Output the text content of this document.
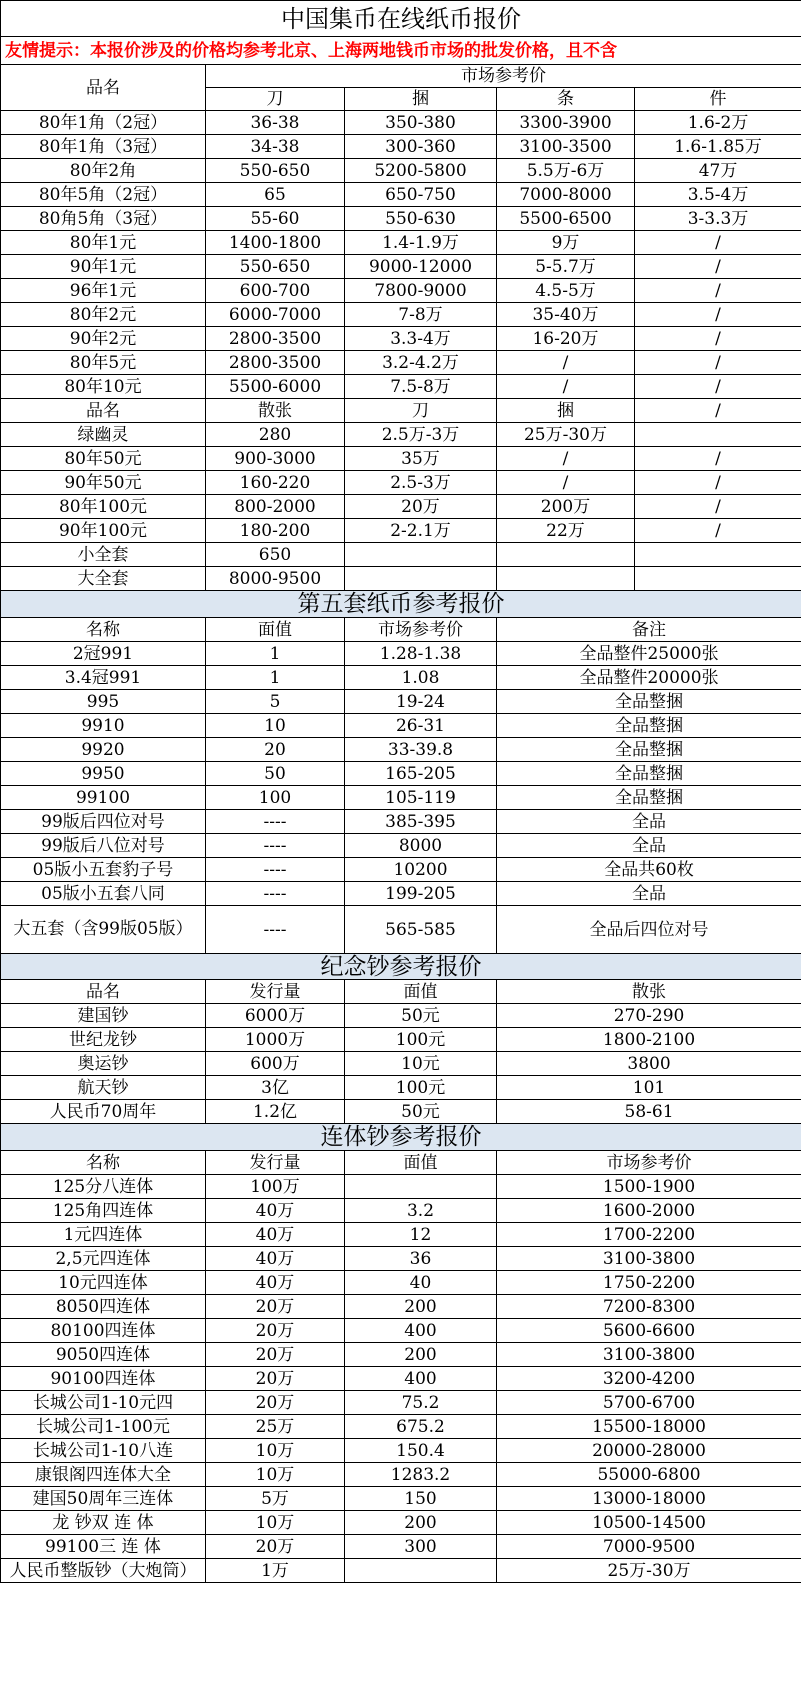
中国集币在线纸币报价				
友情提示：本报价涉及的价格均参考北京、上海两地钱币市场的批发价格，且不含				
品名	市场参考价			
	刀	捆	条	件
80年1角（2冠）	36-38	350-380	3300-3900	1.6-2万
80年1角（3冠）	34-38	300-360	3100-3500	1.6-1.85万
80年2角	550-650	5200-5800	5.5万-6万	47万
80年5角（2冠）	65	650-750	7000-8000	3.5-4万
80角5角（3冠）	55-60	550-630	5500-6500	3-3.3万
80年1元	1400-1800	1.4-1.9万	9万	/
90年1元	550-650	9000-12000	5-5.7万	/
96年1元	600-700	7800-9000	4.5-5万	/
80年2元	6000-7000	7-8万	35-40万	/
90年2元	2800-3500	3.3-4万	16-20万	/
80年5元	2800-3500	3.2-4.2万	/	/
80年10元	5500-6000	7.5-8万	/	/
品名	散张	刀	捆	/
绿幽灵	280	2.5万-3万	25万-30万	
80年50元	900-3000	35万	/	/
90年50元	160-220	2.5-3万	/	/
80年100元	800-2000	20万	200万	/
90年100元	180-200	2-2.1万	22万	/
小全套	650			
大全套	8000-9500			
第五套纸币参考报价				
名称	面值	市场参考价	备注	
2冠991	1	1.28-1.38	全品整件25000张	
3.4冠991	1	1.08	全品整件20000张	
995	5	19-24	全品整捆	
9910	10	26-31	全品整捆	
9920	20	33-39.8	全品整捆	
9950	50	165-205	全品整捆	
99100	100	105-119	全品整捆	
99版后四位对号	----	385-395	全品	
99版后八位对号	----	8000	全品	
05版小五套豹子号	----	10200	全品共60枚	
05版小五套八同	----	199-205	全品	
大五套（含99版05版）	----	565-585	全品后四位对号	
纪念钞参考报价				
品名	发行量	面值	散张	
建国钞	6000万	50元	270-290	
世纪龙钞	1000万	100元	1800-2100	
奥运钞	600万	10元	3800	
航天钞	3亿	100元	101	
人民币70周年	1.2亿	50元	58-61	
连体钞参考报价				
名称	发行量	面值	市场参考价	
125分八连体	100万		1500-1900	
125角四连体	40万	3.2	1600-2000	
1元四连体	40万	12	1700-2200	
2,5元四连体	40万	36	3100-3800	
10元四连体	40万	40	1750-2200	
8050四连体	20万	200	7200-8300	
80100四连体	20万	400	5600-6600	
9050四连体	20万	200	3100-3800	
90100四连体	20万	400	3200-4200	
长城公司1-10元四	20万	75.2	5700-6700	
长城公司1-100元	25万	675.2	15500-18000	
长城公司1-10八连	10万	150.4	20000-28000	
康银阁四连体大全	10万	1283.2	55000-6800	
建国50周年三连体	5万	150	13000-18000	
龙 钞双 连 体	10万	200	10500-14500	
99100三 连 体	20万	300	7000-9500	
人民币整版钞（大炮筒）	1万		25万-30万	
